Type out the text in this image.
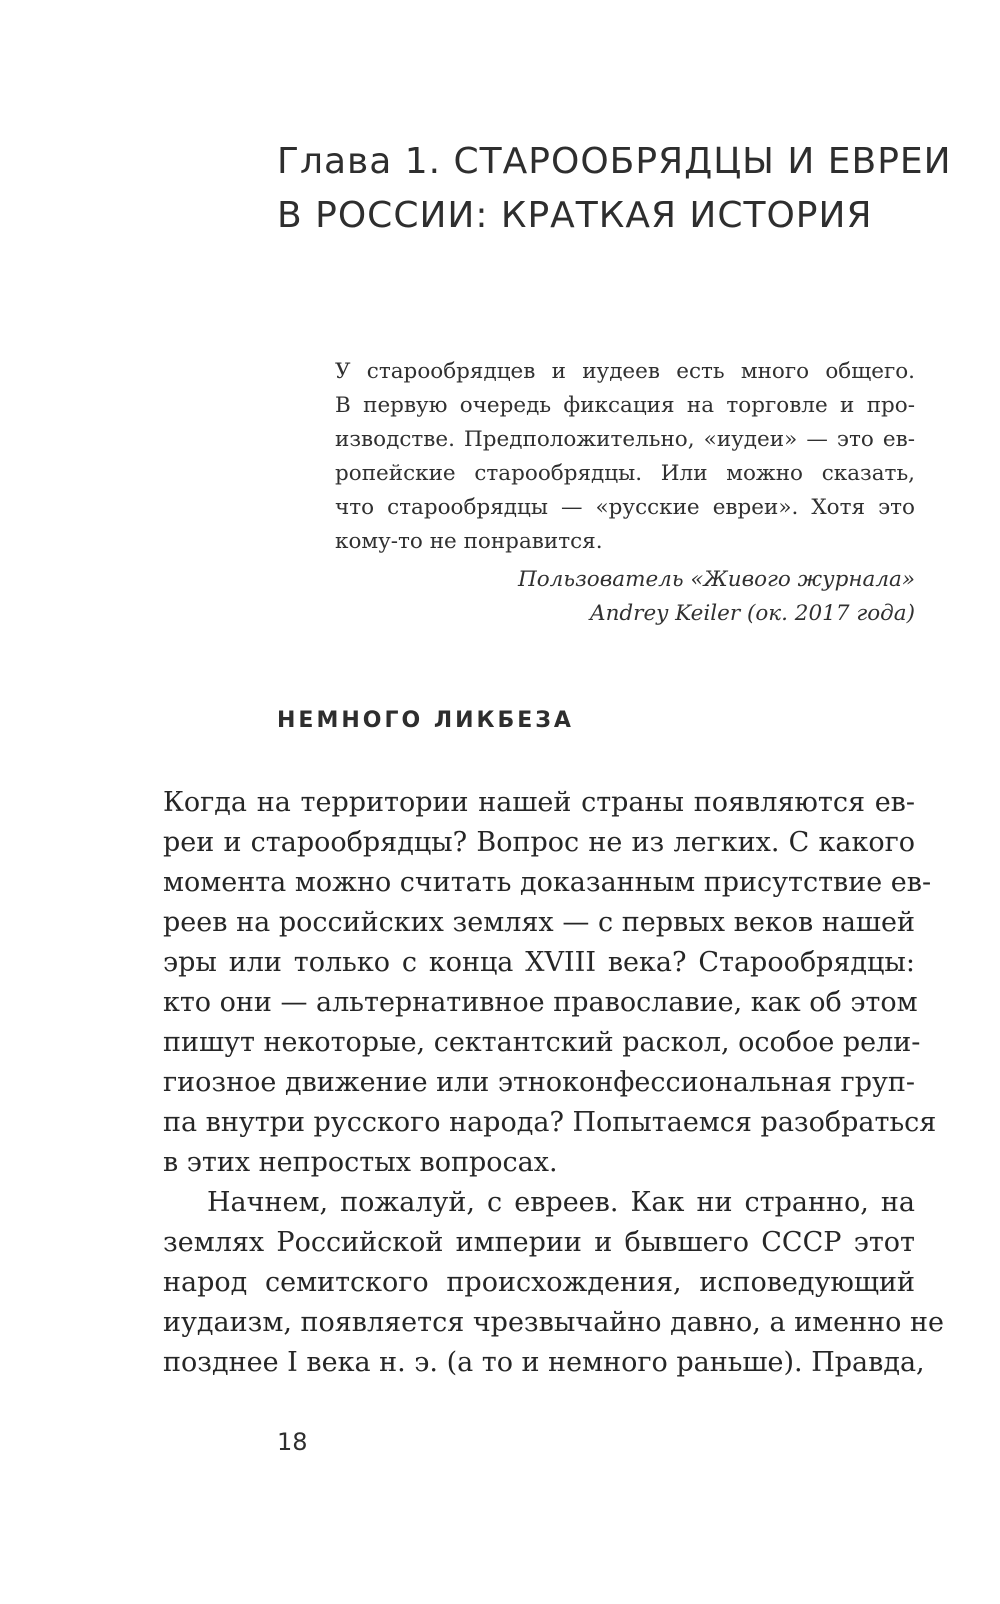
Глава 1. СТАРООБРЯДЦЫ И ЕВРЕИ
В РОССИИ: КРАТКАЯ ИСТОРИЯ
У старообрядцев и иудеев есть много общего.
В первую очередь фиксация на торговле и про-
изводстве. Предположительно, «иудеи» — это ев-
ропейские старообрядцы. Или можно сказать,
что старообрядцы — «русские евреи». Хотя это
кому-то не понравится.
Пользователь «Живого журнала»
Andrey Keiler (ок. 2017 года)
НЕМНОГО ЛИКБЕЗА
Когда на территории нашей страны появляются ев-
реи и старообрядцы? Вопрос не из легких. С какого
момента можно считать доказанным присутствие ев-
реев на российских землях — с первых веков нашей
эры или только с конца XVIII века? Старообрядцы:
кто они — альтернативное православие, как об этом
пишут некоторые, сектантский раскол, особое рели-
гиозное движение или этноконфессиональная груп-
па внутри русского народа? Попытаемся разобраться
в этих непростых вопросах.
Начнем, пожалуй, с евреев. Как ни странно, на
землях Российской империи и бывшего СССР этот
народ семитского происхождения, исповедующий
иудаизм, появляется чрезвычайно давно, а именно не
позднее I века н. э. (а то и немного раньше). Правда,
18
